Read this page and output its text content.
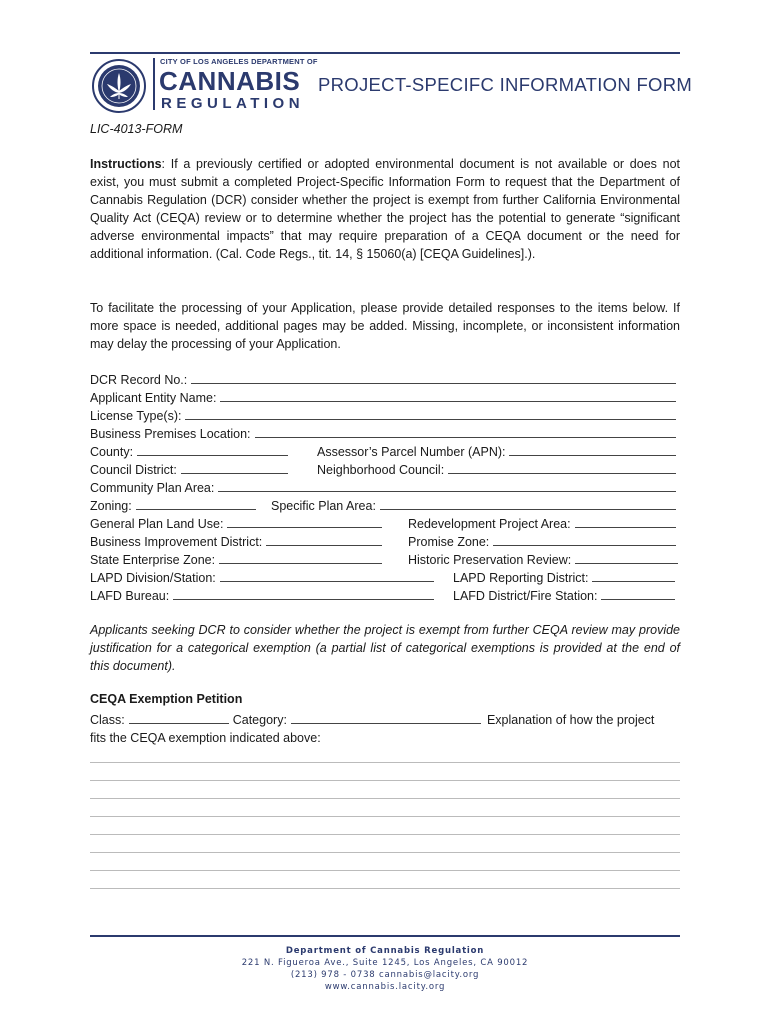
CITY OF LOS ANGELES DEPARTMENT OF
CANNABIS
REGULATION
PROJECT-SPECIFC INFORMATION FORM
LIC-4013-FORM
Instructions: If a previously certified or adopted environmental document is not available or does not exist, you must submit a completed Project-Specific Information Form to request that the Department of Cannabis Regulation (DCR) consider whether the project is exempt from further California Environmental Quality Act (CEQA) review or to determine whether the project has the potential to generate “significant adverse environmental impacts” that may require preparation of a CEQA document or the need for additional information. (Cal. Code Regs., tit. 14, § 15060(a) [CEQA Guidelines].).
To facilitate the processing of your Application, please provide detailed responses to the items below. If more space is needed, additional pages may be added. Missing, incomplete, or inconsistent information may delay the processing of your Application.
DCR Record No.:
Applicant Entity Name:
License Type(s):
Business Premises Location:
County:	Assessor’s Parcel Number (APN):
Council District:	Neighborhood Council:
Community Plan Area:
Zoning:	Specific Plan Area:
General Plan Land Use:	Redevelopment Project Area:
Business Improvement District:	Promise Zone:
State Enterprise Zone:	Historic Preservation Review:
LAPD Division/Station:	LAPD Reporting District:
LAFD Bureau:	LAFD District/Fire Station:
Applicants seeking DCR to consider whether the project is exempt from further CEQA review may provide justification for a categorical exemption (a partial list of categorical exemptions is provided at the end of this document).
CEQA Exemption Petition
Class:	Category:	Explanation of how the project
fits the CEQA exemption indicated above:
Department of Cannabis Regulation
221 N. Figueroa Ave., Suite 1245, Los Angeles, CA 90012
(213) 978 - 0738 cannabis@lacity.org
www.cannabis.lacity.org
